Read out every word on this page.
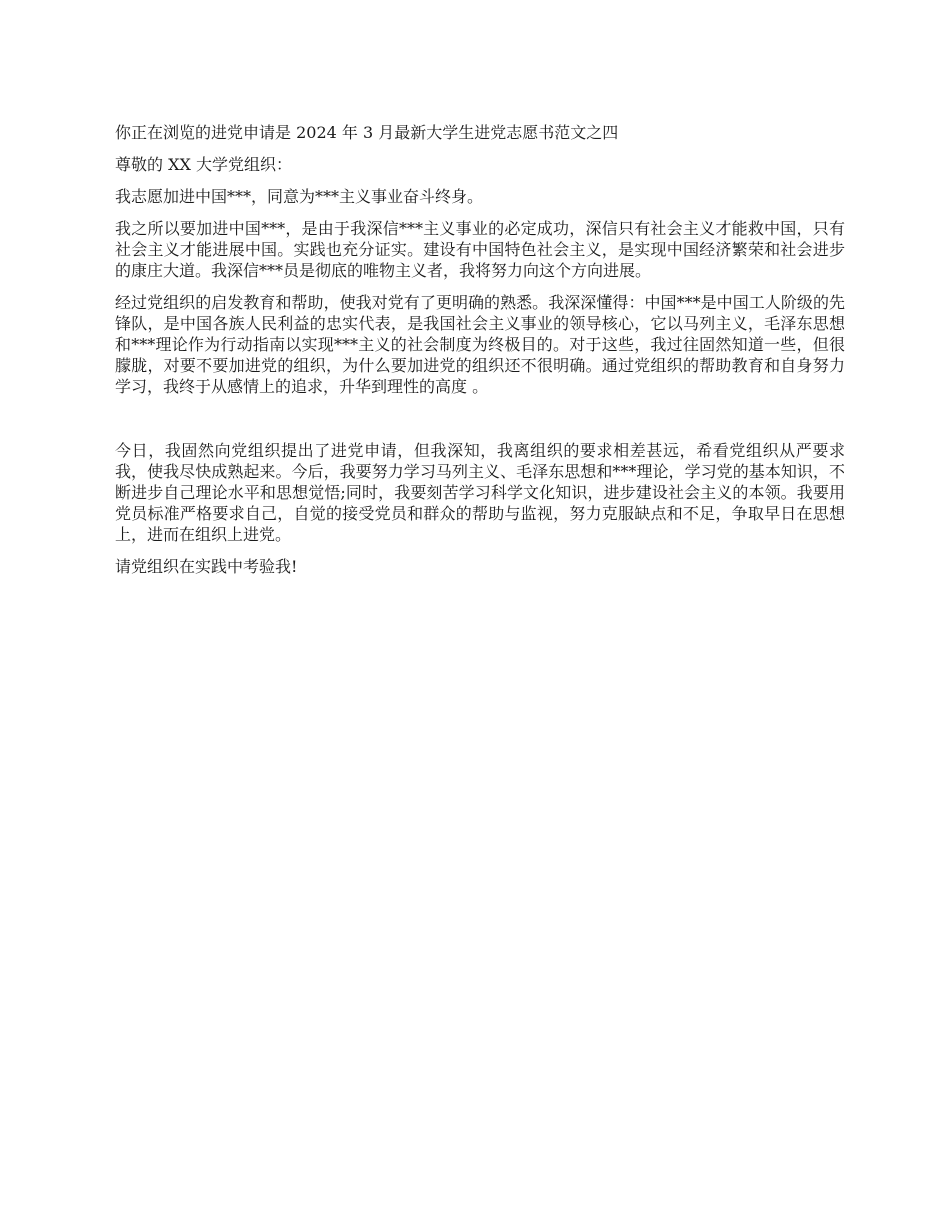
你正在浏览的进党申请是 2024 年 3 月最新大学生进党志愿书范文之四

尊敬的 XX 大学党组织：

我志愿加进中国***，同意为***主义事业奋斗终身。

我之所以要加进中国***，是由于我深信***主义事业的必定成功，深信只有社会主义才能救中国，只有社会主义才能进展中国。实践也充分证实。建设有中国特色社会主义，是实现中国经济繁荣和社会进步的康庄大道。我深信***员是彻底的唯物主义者，我将努力向这个方向进展。

经过党组织的启发教育和帮助，使我对党有了更明确的熟悉。我深深懂得：中国***是中国工人阶级的先锋队，是中国各族人民利益的忠实代表，是我国社会主义事业的领导核心，它以马列主义，毛泽东思想和***理论作为行动指南以实现***主义的社会制度为终极目的。对于这些，我过往固然知道一些，但很朦胧，对要不要加进党的组织，为什么要加进党的组织还不很明确。通过党组织的帮助教育和自身努力学习，我终于从感情上的追求，升华到理性的高度 。

今日，我固然向党组织提出了进党申请，但我深知，我离组织的要求相差甚远，希看党组织从严要求我，使我尽快成熟起来。今后，我要努力学习马列主义、毛泽东思想和***理论，学习党的基本知识，不断进步自己理论水平和思想觉悟;同时，我要刻苦学习科学文化知识，进步建设社会主义的本领。我要用党员标准严格要求自己，自觉的接受党员和群众的帮助与监视，努力克服缺点和不足，争取早日在思想上，进而在组织上进党。

请党组织在实践中考验我!
